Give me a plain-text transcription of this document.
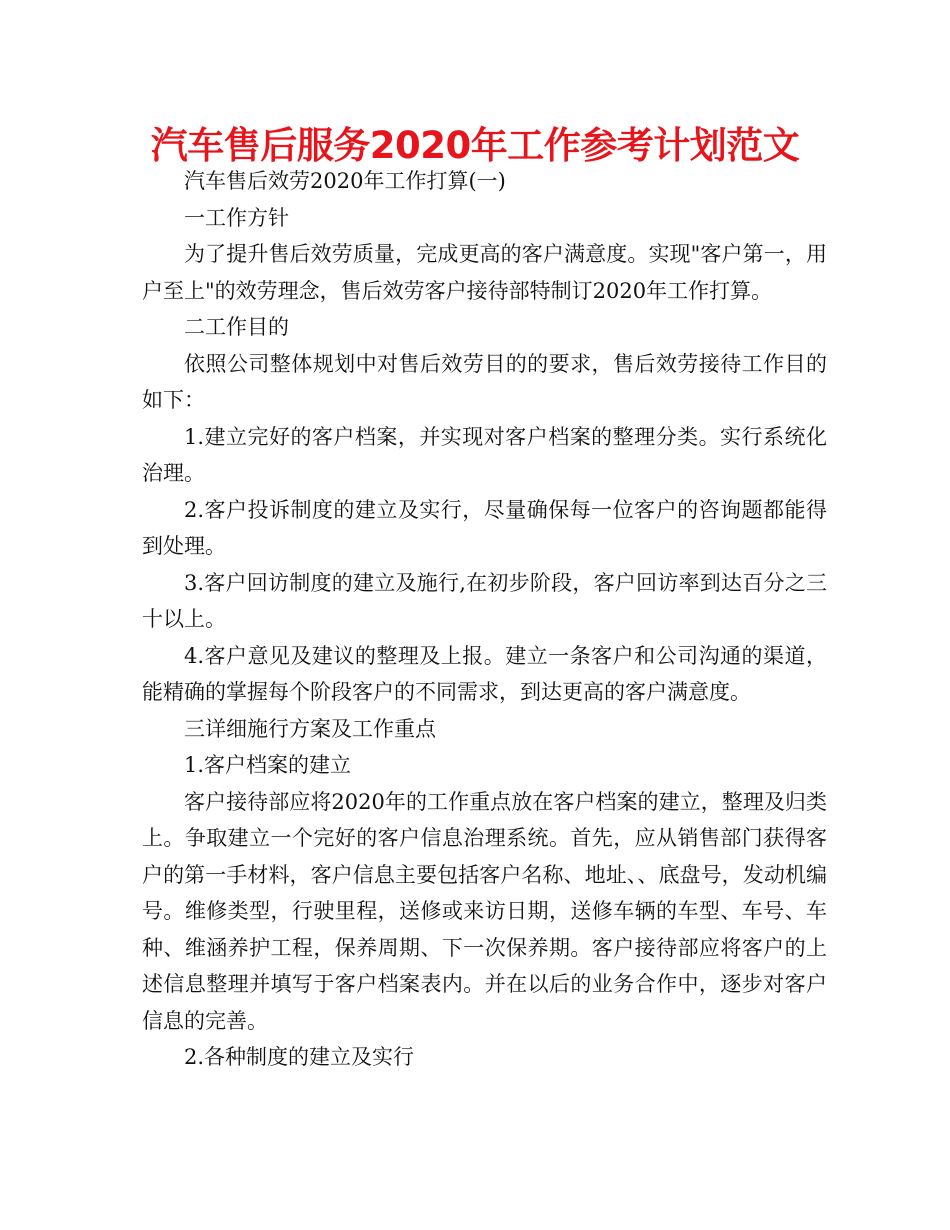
汽车售后服务2020年工作参考计划范文

汽车售后效劳2020年工作打算(一)

一工作方针

为了提升售后效劳质量，完成更高的客户满意度。实现"客户第一，用户至上"的效劳理念，售后效劳客户接待部特制订2020年工作打算。

二工作目的

依照公司整体规划中对售后效劳目的的要求，售后效劳接待工作目的如下：

1.建立完好的客户档案，并实现对客户档案的整理分类。实行系统化治理。

2.客户投诉制度的建立及实行，尽量确保每一位客户的咨询题都能得到处理。

3.客户回访制度的建立及施行,在初步阶段，客户回访率到达百分之三十以上。

4.客户意见及建议的整理及上报。建立一条客户和公司沟通的渠道，能精确的掌握每个阶段客户的不同需求，到达更高的客户满意度。

三详细施行方案及工作重点

1.客户档案的建立

客户接待部应将2020年的工作重点放在客户档案的建立，整理及归类上。争取建立一个完好的客户信息治理系统。首先，应从销售部门获得客户的第一手材料，客户信息主要包括客户名称、地址、、底盘号，发动机编号。维修类型，行驶里程，送修或来访日期，送修车辆的车型、车号、车种、维涵养护工程，保养周期、下一次保养期。客户接待部应将客户的上述信息整理并填写于客户档案表内。并在以后的业务合作中，逐步对客户信息的完善。

2.各种制度的建立及实行
